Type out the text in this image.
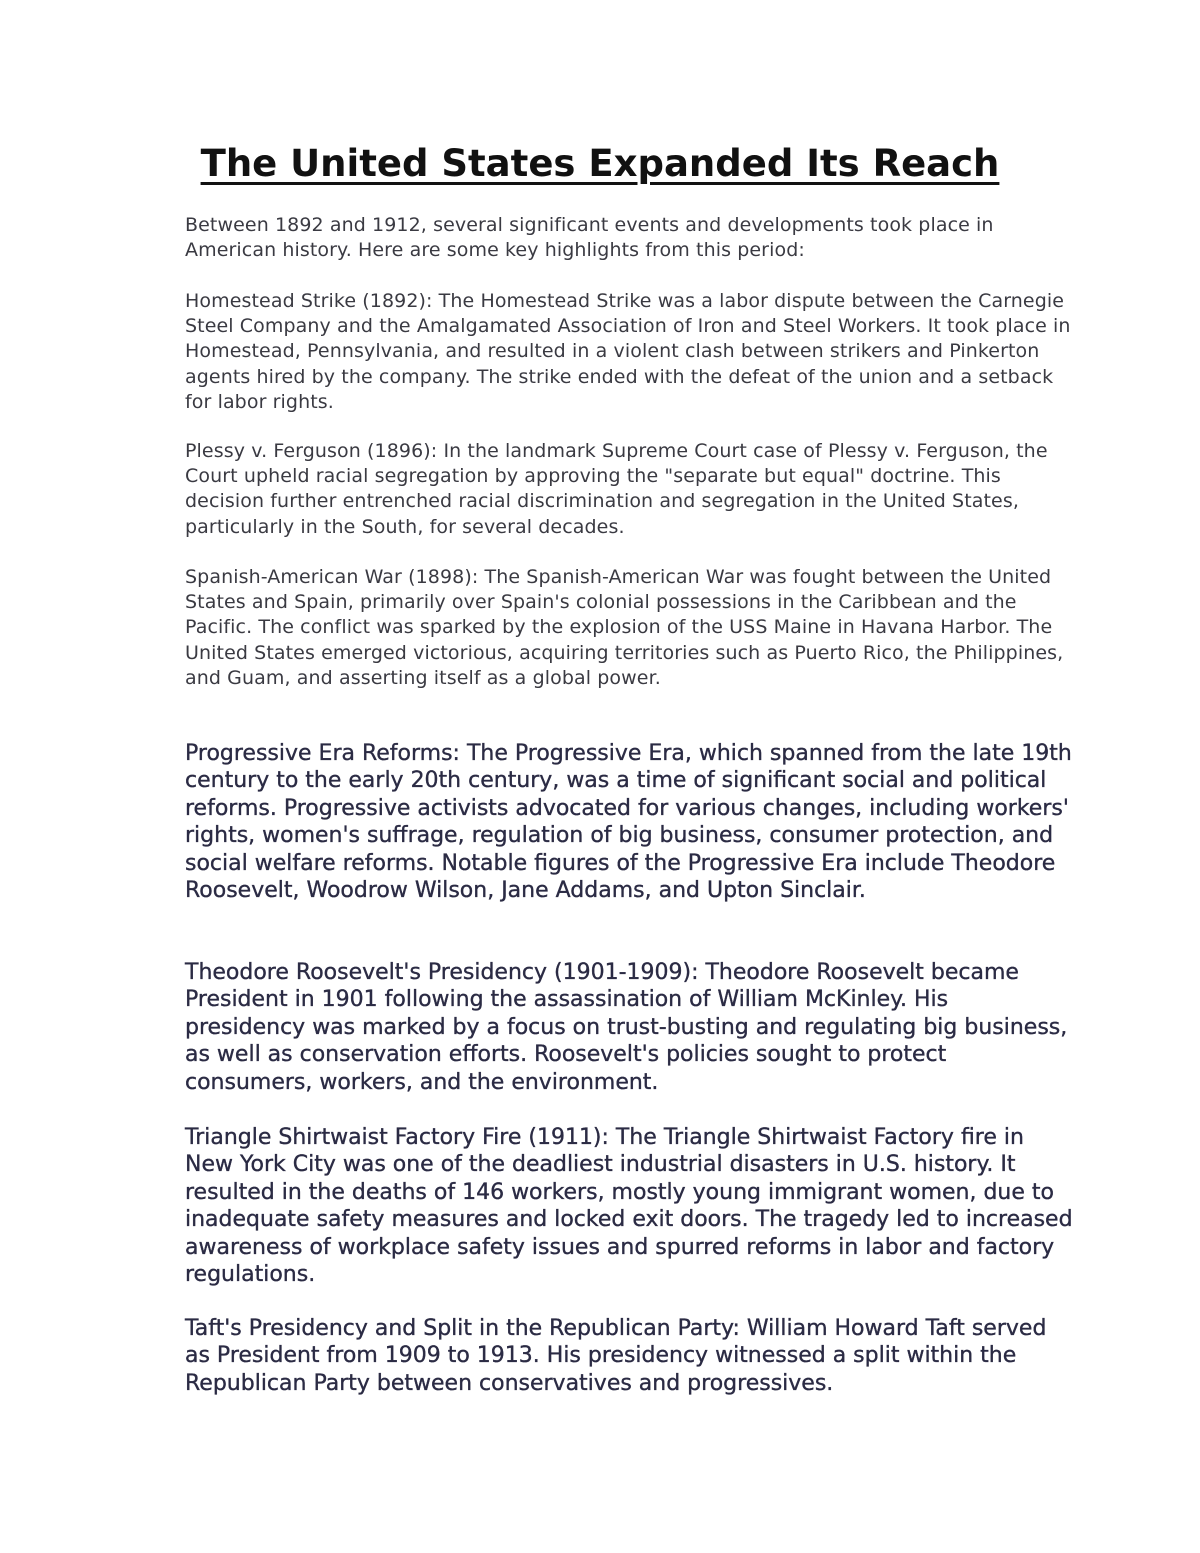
The United States Expanded Its Reach

Between 1892 and 1912, several significant events and developments took place in American history. Here are some key highlights from this period:

Homestead Strike (1892): The Homestead Strike was a labor dispute between the Carnegie Steel Company and the Amalgamated Association of Iron and Steel Workers. It took place in Homestead, Pennsylvania, and resulted in a violent clash between strikers and Pinkerton agents hired by the company. The strike ended with the defeat of the union and a setback for labor rights.

Plessy v. Ferguson (1896): In the landmark Supreme Court case of Plessy v. Ferguson, the Court upheld racial segregation by approving the "separate but equal" doctrine. This decision further entrenched racial discrimination and segregation in the United States, particularly in the South, for several decades.

Spanish-American War (1898): The Spanish-American War was fought between the United States and Spain, primarily over Spain's colonial possessions in the Caribbean and the Pacific. The conflict was sparked by the explosion of the USS Maine in Havana Harbor. The United States emerged victorious, acquiring territories such as Puerto Rico, the Philippines, and Guam, and asserting itself as a global power.

Progressive Era Reforms: The Progressive Era, which spanned from the late 19th century to the early 20th century, was a time of significant social and political reforms. Progressive activists advocated for various changes, including workers' rights, women's suffrage, regulation of big business, consumer protection, and social welfare reforms. Notable figures of the Progressive Era include Theodore Roosevelt, Woodrow Wilson, Jane Addams, and Upton Sinclair.

Theodore Roosevelt's Presidency (1901-1909): Theodore Roosevelt became President in 1901 following the assassination of William McKinley. His presidency was marked by a focus on trust-busting and regulating big business, as well as conservation efforts. Roosevelt's policies sought to protect consumers, workers, and the environment.

Triangle Shirtwaist Factory Fire (1911): The Triangle Shirtwaist Factory fire in New York City was one of the deadliest industrial disasters in U.S. history. It resulted in the deaths of 146 workers, mostly young immigrant women, due to inadequate safety measures and locked exit doors. The tragedy led to increased awareness of workplace safety issues and spurred reforms in labor and factory regulations.

Taft's Presidency and Split in the Republican Party: William Howard Taft served as President from 1909 to 1913. His presidency witnessed a split within the Republican Party between conservatives and progressives.
